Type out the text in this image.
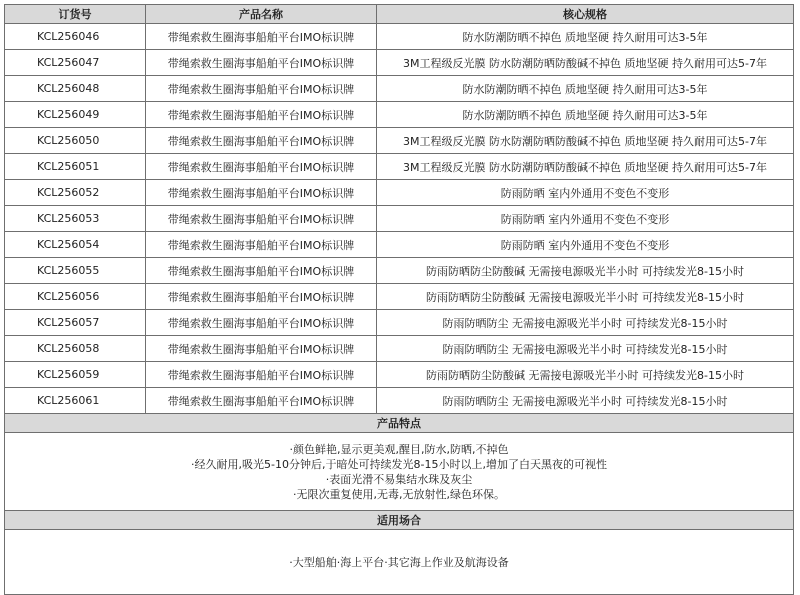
订货号	产品名称	核心规格
KCL256046	带绳索救生圈海事船舶平台IMO标识牌	防水防潮防晒不掉色 质地坚硬 持久耐用可达3-5年
KCL256047	带绳索救生圈海事船舶平台IMO标识牌	3M工程级反光膜 防水防潮防晒防酸碱不掉色 质地坚硬 持久耐用可达5-7年
KCL256048	带绳索救生圈海事船舶平台IMO标识牌	防水防潮防晒不掉色 质地坚硬 持久耐用可达3-5年
KCL256049	带绳索救生圈海事船舶平台IMO标识牌	防水防潮防晒不掉色 质地坚硬 持久耐用可达3-5年
KCL256050	带绳索救生圈海事船舶平台IMO标识牌	3M工程级反光膜 防水防潮防晒防酸碱不掉色 质地坚硬 持久耐用可达5-7年
KCL256051	带绳索救生圈海事船舶平台IMO标识牌	3M工程级反光膜 防水防潮防晒防酸碱不掉色 质地坚硬 持久耐用可达5-7年
KCL256052	带绳索救生圈海事船舶平台IMO标识牌	防雨防晒 室内外通用不变色不变形
KCL256053	带绳索救生圈海事船舶平台IMO标识牌	防雨防晒 室内外通用不变色不变形
KCL256054	带绳索救生圈海事船舶平台IMO标识牌	防雨防晒 室内外通用不变色不变形
KCL256055	带绳索救生圈海事船舶平台IMO标识牌	防雨防晒防尘防酸碱 无需接电源吸光半小时 可持续发光8-15小时
KCL256056	带绳索救生圈海事船舶平台IMO标识牌	防雨防晒防尘防酸碱 无需接电源吸光半小时 可持续发光8-15小时
KCL256057	带绳索救生圈海事船舶平台IMO标识牌	防雨防晒防尘 无需接电源吸光半小时 可持续发光8-15小时
KCL256058	带绳索救生圈海事船舶平台IMO标识牌	防雨防晒防尘 无需接电源吸光半小时 可持续发光8-15小时
KCL256059	带绳索救生圈海事船舶平台IMO标识牌	防雨防晒防尘防酸碱 无需接电源吸光半小时 可持续发光8-15小时
KCL256061	带绳索救生圈海事船舶平台IMO标识牌	防雨防晒防尘 无需接电源吸光半小时 可持续发光8-15小时
产品特点		

·颜色鲜艳,显示更美观,醒目,防水,防晒,不掉色
·经久耐用,吸光5-10分钟后,于暗处可持续发光8-15小时以上,增加了白天黑夜的可视性
·表面光滑不易集结水珠及灰尘
·无限次重复使用,无毒,无放射性,绿色环保。		

适用场合		
·大型船舶·海上平台·其它海上作业及航海设备		
